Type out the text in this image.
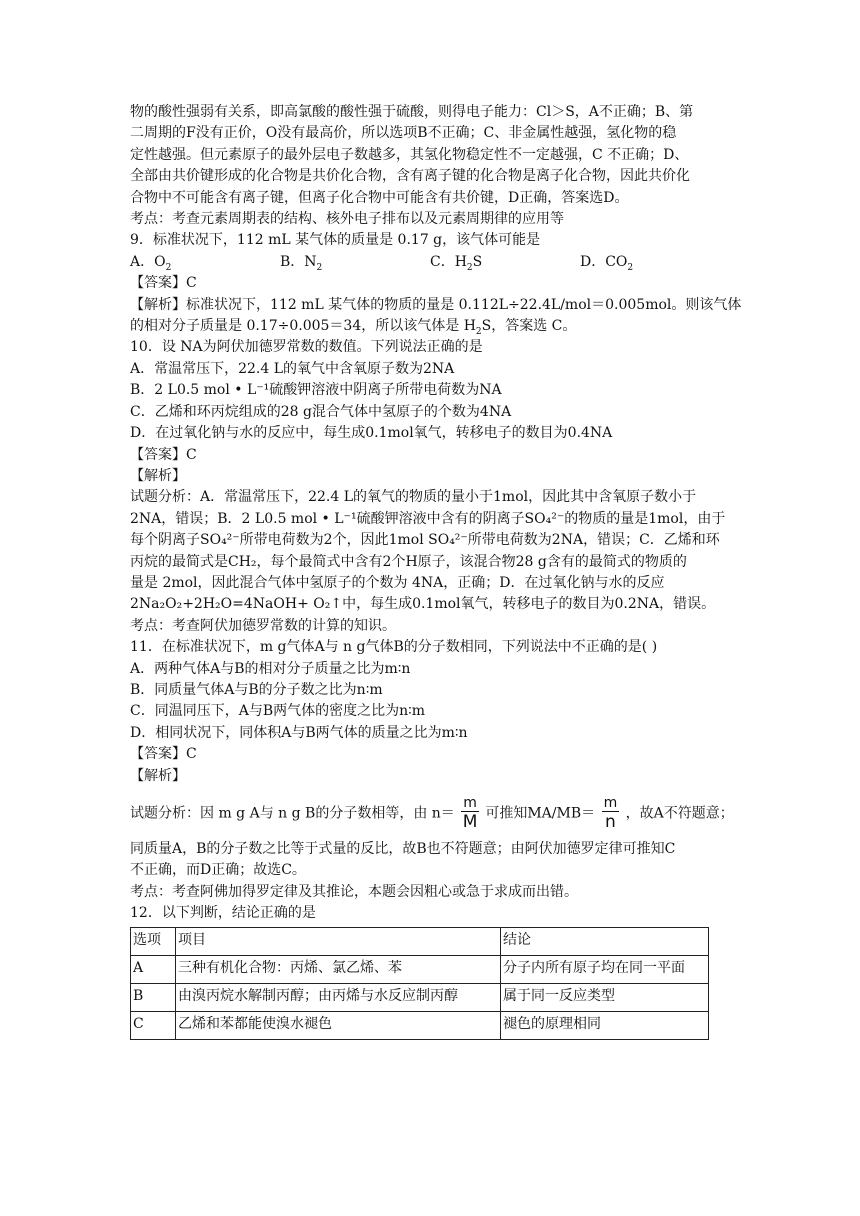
物的酸性强弱有关系，即高氯酸的酸性强于硫酸，则得电子能力：Cl＞S，A不正确；B、第
二周期的F没有正价，O没有最高价，所以选项B不正确；C、非金属性越强，氢化物的稳
定性越强。但元素原子的最外层电子数越多，其氢化物稳定性不一定越强，C 不正确；D、
全部由共价键形成的化合物是共价化合物，含有离子键的化合物是离子化合物，因此共价化
合物中不可能含有离子键，但离子化合物中可能含有共价键，D正确，答案选D。
考点：考查元素周期表的结构、核外电子排布以及元素周期律的应用等
9．标准状况下，112 mL 某气体的质量是 0.17 g，该气体可能是
A．$O_2$	B．$N_2$	C．$H_2S$	D．$CO_2$
【答案】C
【解析】标准状况下，112 mL 某气体的物质的量是 0.112L÷22.4L/mol＝0.005mol。则该气体
的相对分子质量是 0.17÷0.005＝34，所以该气体是 $H_2S$，答案选 C。
10．设 NA为阿伏加德罗常数的数值。下列说法正确的是
A．常温常压下，22.4 L的氧气中含氧原子数为2NA
B．2 L0.5 mol • L⁻¹硫酸钾溶液中阴离子所带电荷数为NA
C．乙烯和环丙烷组成的28 g混合气体中氢原子的个数为4NA
D．在过氧化钠与水的反应中，每生成0.1mol氧气，转移电子的数目为0.4NA
【答案】C
【解析】
试题分析：A．常温常压下，22.4 L的氧气的物质的量小于1mol，因此其中含氧原子数小于
2NA，错误；B．2 L0.5 mol • L⁻¹硫酸钾溶液中含有的阴离子SO₄²⁻的物质的量是1mol，由于
每个阴离子SO₄²⁻所带电荷数为2个，因此1mol SO₄²⁻所带电荷数为2NA，错误；C．乙烯和环
丙烷的最简式是CH₂，每个最简式中含有2个H原子，该混合物28 g含有的最简式的物质的
量是 2mol，因此混合气体中氢原子的个数为 4NA，正确；D．在过氧化钠与水的反应
2Na₂O₂+2H₂O=4NaOH+ O₂↑中，每生成0.1mol氧气，转移电子的数目为0.2NA，错误。
考点：考查阿伏加德罗常数的计算的知识。
11．在标准状况下，m g气体A与 n g气体B的分子数相同，下列说法中不正确的是( )
A．两种气体A与B的相对分子质量之比为m∶n
B．同质量气体A与B的分子数之比为n∶m
C．同温同压下，A与B两气体的密度之比为n∶m
D．相同状况下，同体积A与B两气体的质量之比为m∶n
【答案】C
【解析】
试题分析：因 m g A与 n g B的分子数相等，由 $n= \frac{m}{M}$ 可推知$MA/MB= \frac{m}{n}$ ，故A不符题意；
同质量A，B的分子数之比等于式量的反比，故B也不符题意；由阿伏加德罗定律可推知C
不正确，而D正确；故选C。
考点：考查阿佛加得罗定律及其推论，本题会因粗心或急于求成而出错。
12．以下判断，结论正确的是
选项	项目	结论
A	三种有机化合物：丙烯、氯乙烯、苯	分子内所有原子均在同一平面
B	由溴丙烷水解制丙醇；由丙烯与水反应制丙醇	属于同一反应类型
C	乙烯和苯都能使溴水褪色	褪色的原理相同
